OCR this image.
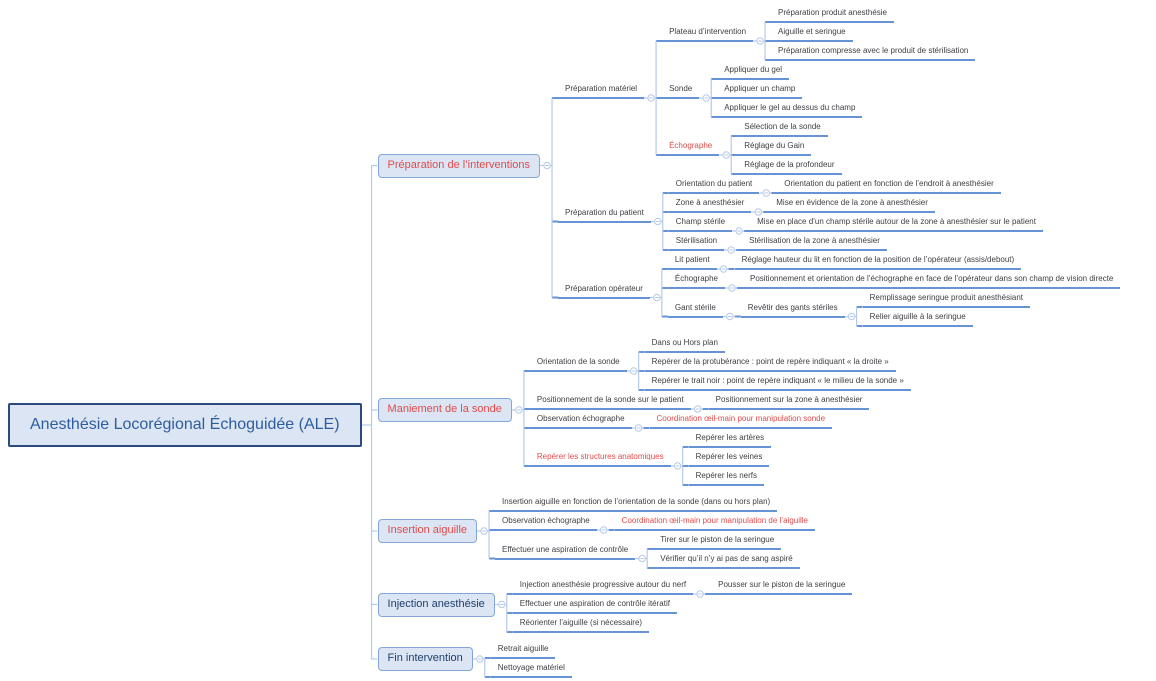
Anesthésie Locorégional Échoguidée (ALE)
Préparation de l’interventions
Préparation matériel
Plateau d’intervention
Préparation produit anesthésie
Aiguille et seringue
Préparation compresse avec le produit de stérilisation
Sonde
Appliquer du gel
Appliquer un champ
Appliquer le gel au dessus du champ
Échographe
Sélection de la sonde
Réglage du Gain
Réglage de la profondeur
Préparation du patient
Orientation du patient	Orientation du patient en fonction de l’endroit à anesthésier
Zone à anesthésier	Mise en évidence de la zone à anesthésier
Champ stérile	Mise en place d’un champ stérile autour de la zone à anesthésier sur le patient
Stérilisation	Stérilisation de la zone à anesthésier
Préparation opérateur
Lit patient	Réglage hauteur du lit en fonction de la position de l’opérateur (assis/debout)
Échographe	Positionnement et orientation de l’échographe en face de l’opérateur dans son champ de vision directe
Gant stérile	Revêtir des gants stériles
Remplissage seringue produit anesthésiant
Relier aiguille à la seringue
Maniement de la sonde
Orientation de la sonde
Dans ou Hors plan
Repérer de la protubérance : point de repère indiquant « la droite »
Repérer le trait noir : point de repère indiquant « le milieu de la sonde »
Positionnement de la sonde sur le patient	Positionnement sur la zone à anesthésier
Observation échographe	Coordination œil-main pour manipulation sonde
Repérer les structures anatomiques
Repérer les artères
Repérer les veines
Repérer les nerfs
Insertion aiguille
Insertion aiguille en fonction de l’orientation de la sonde (dans ou hors plan)
Observation échographe	Coordination œil-main pour manipulation de l’aiguille
Effectuer une aspiration de contrôle
Tirer sur le piston de la seringue
Vérifier qu’il n’y ai pas de sang aspiré
Injection anesthésie
Injection anesthésie progressive autour du nerf	Pousser sur le piston de la seringue
Effectuer une aspiration de contrôle itératif
Réorienter l’aiguille (si nécessaire)
Fin intervention
Retrait aiguille
Nettoyage matériel
